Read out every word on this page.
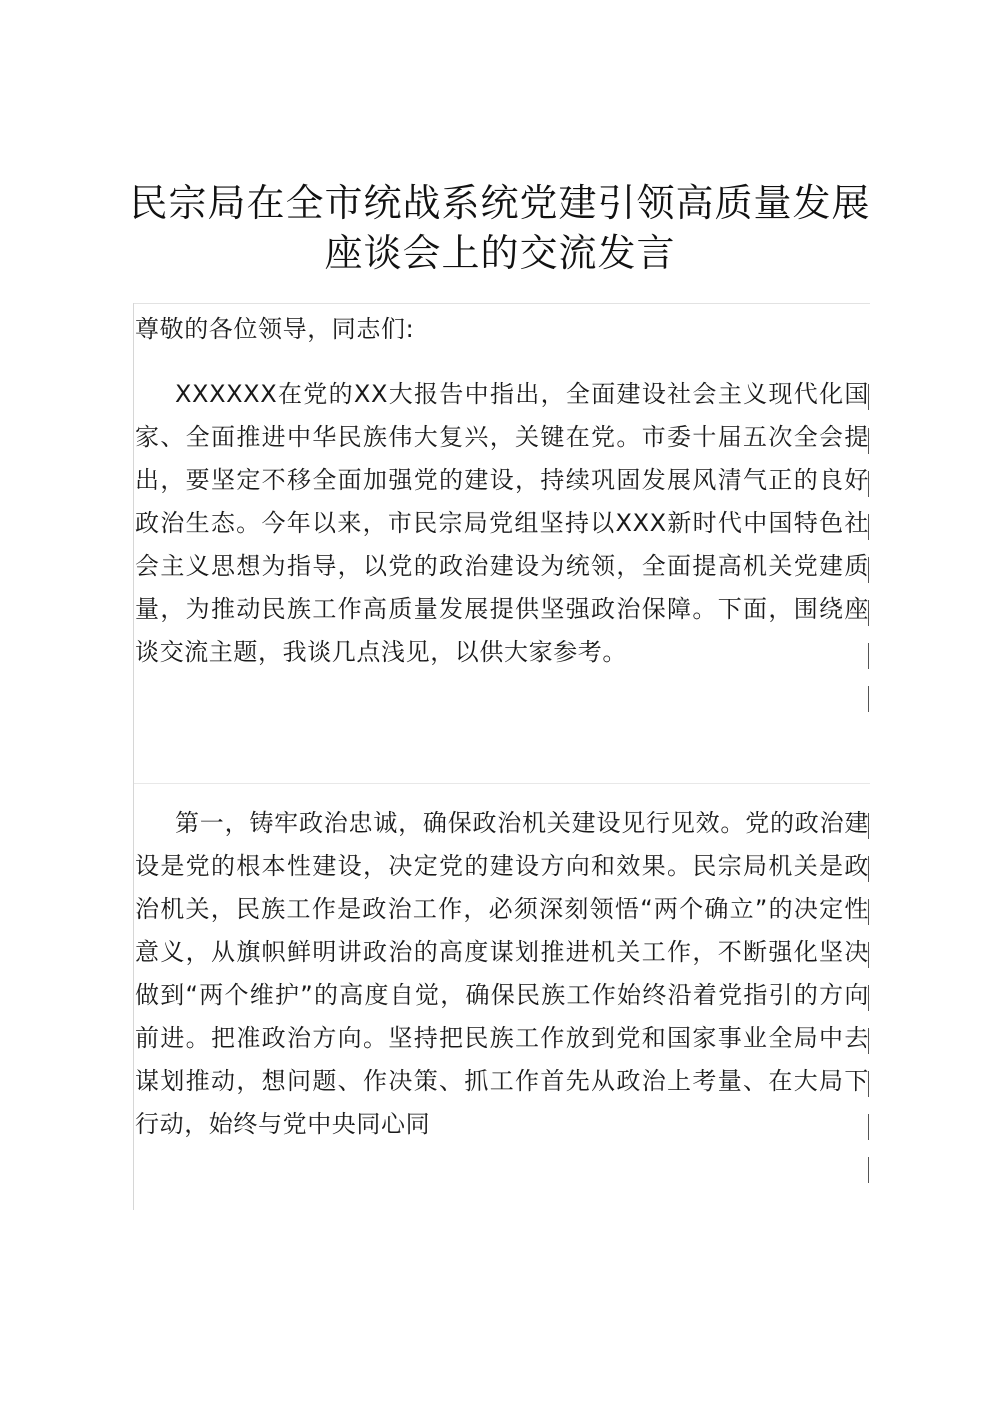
民宗局在全市统战系统党建引领高质量发展座谈会上的交流发言
尊敬的各位领导，同志们:
XXXXXX在党的XX大报告中指出，全面建设社会主义现代化国家、全面推进中华民族伟大复兴，关键在党。市委十届五次全会提出，要坚定不移全面加强党的建设，持续巩固发展风清气正的良好政治生态。今年以来，市民宗局党组坚持以XXX新时代中国特色社会主义思想为指导，以党的政治建设为统领，全面提高机关党建质量，为推动民族工作高质量发展提供坚强政治保障。下面，围绕座谈交流主题，我谈几点浅见，以供大家参考。
第一，铸牢政治忠诚，确保政治机关建设见行见效。党的政治建设是党的根本性建设，决定党的建设方向和效果。民宗局机关是政治机关，民族工作是政治工作，必须深刻领悟“两个确立”的决定性意义，从旗帜鲜明讲政治的高度谋划推进机关工作，不断强化坚决做到“两个维护”的高度自觉，确保民族工作始终沿着党指引的方向前进。把准政治方向。坚持把民族工作放到党和国家事业全局中去谋划推动，想问题、作决策、抓工作首先从政治上考量、在大局下行动，始终与党中央同心同
